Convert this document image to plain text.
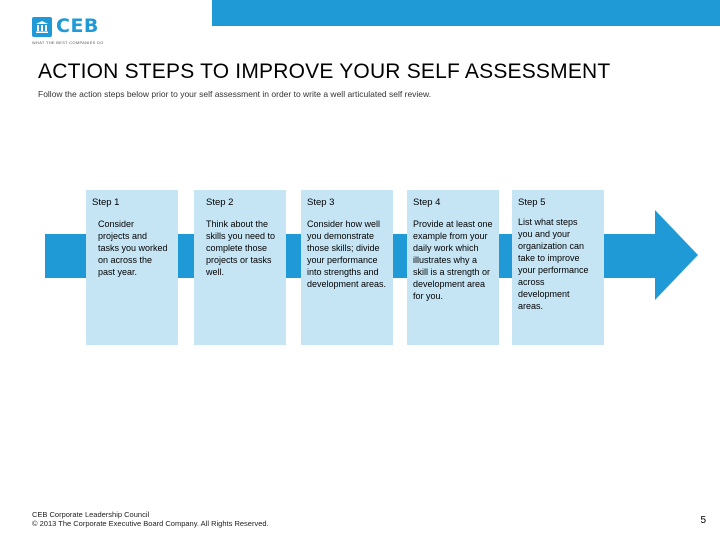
CEB
WHAT THE BEST COMPANIES DO
ACTION STEPS TO IMPROVE YOUR SELF ASSESSMENT
Follow the action steps below prior to your self assessment in order to write a well articulated self review.
Step 1
Consider projects and tasks you worked on across the past year.
Step 2
Think about the skills you need to complete those projects or tasks well.
Step 3
Consider how well you demonstrate those skills; divide your performance into strengths and development areas.
Step 4
Provide at least one example from your daily work which illustrates why a skill is a strength or development area for you.
Step 5
List what steps you and your organization can take to improve your performance across development areas.
CEB Corporate Leadership Council
© 2013 The Corporate Executive Board Company. All Rights Reserved.	5
